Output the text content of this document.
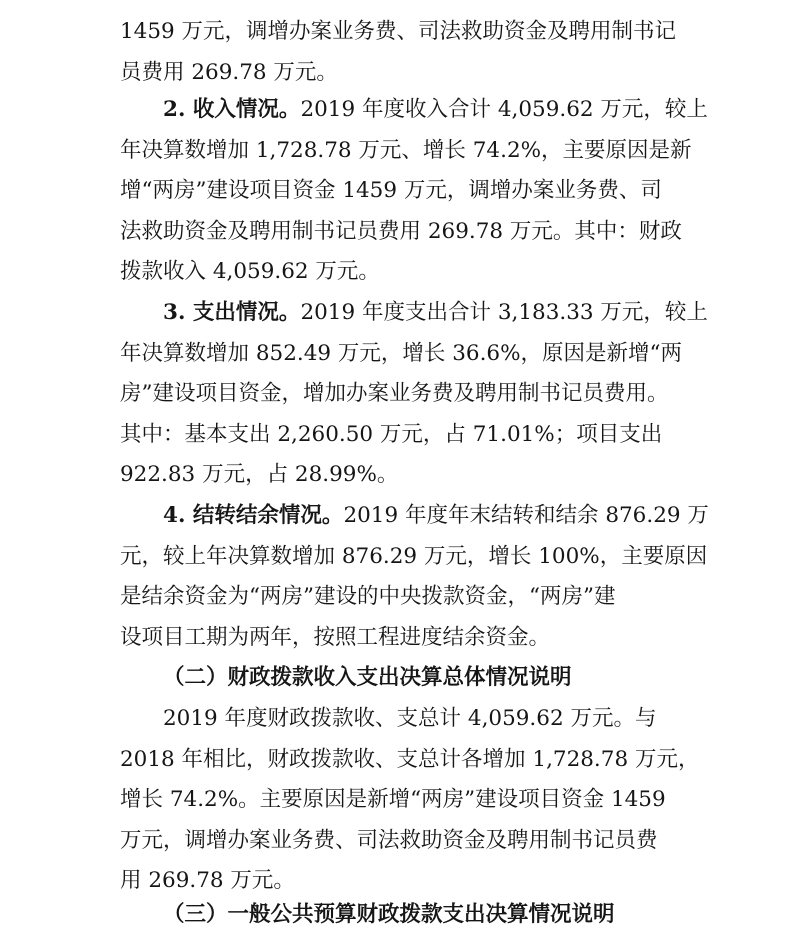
1459 万元，调增办案业务费、司法救助资金及聘用制书记
员费用 269.78 万元。
2. 收入情况。2019 年度收入合计 4,059.62 万元，较上
年决算数增加 1,728.78 万元、增长 74.2%，主要原因是新
增“两房”建设项目资金 1459 万元，调增办案业务费、司
法救助资金及聘用制书记员费用 269.78 万元。其中：财政
拨款收入 4,059.62 万元。
3. 支出情况。2019 年度支出合计 3,183.33 万元，较上
年决算数增加 852.49 万元，增长 36.6%，原因是新增“两
房”建设项目资金，增加办案业务费及聘用制书记员费用。
其中：基本支出 2,260.50 万元，占 71.01%；项目支出
922.83 万元，占 28.99%。
4. 结转结余情况。2019 年度年末结转和结余 876.29 万
元，较上年决算数增加 876.29 万元，增长 100%，主要原因
是结余资金为“两房”建设的中央拨款资金，“两房”建
设项目工期为两年，按照工程进度结余资金。
（二）财政拨款收入支出决算总体情况说明
2019 年度财政拨款收、支总计 4,059.62 万元。与
2018 年相比，财政拨款收、支总计各增加 1,728.78 万元，
增长 74.2%。主要原因是新增“两房”建设项目资金 1459
万元，调增办案业务费、司法救助资金及聘用制书记员费
用 269.78 万元。
（三）一般公共预算财政拨款支出决算情况说明
